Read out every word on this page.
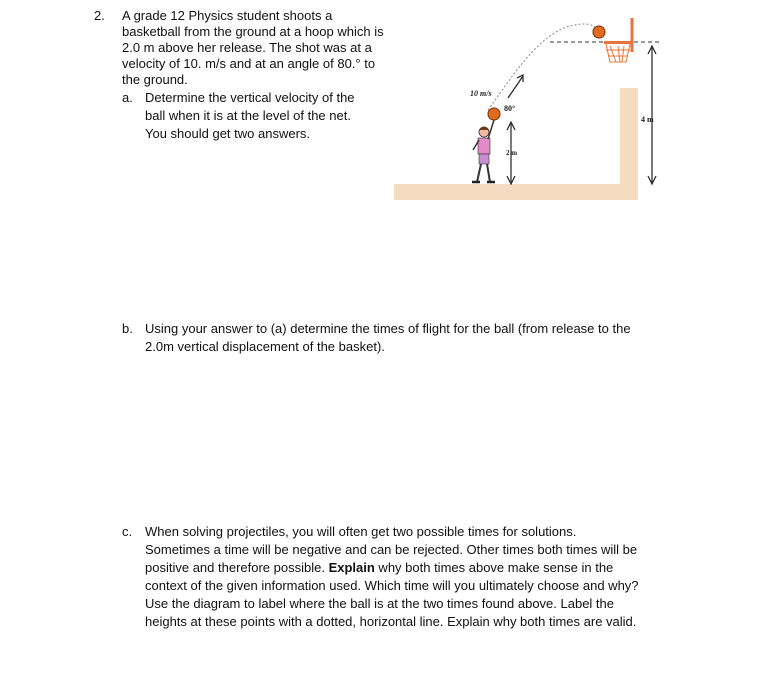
2. A grade 12 Physics student shoots a
basketball from the ground at a hoop which is
2.0 m above her release. The shot was at a
velocity of 10. m/s and at an angle of 80.° to
the ground.
a. Determine the vertical velocity of the
ball when it is at the level of the net.
You should get two answers.
4 m
10 m/s
80°
2 m
b. Using your answer to (a) determine the times of flight for the ball (from release to the
2.0m vertical displacement of the basket).
c. When solving projectiles, you will often get two possible times for solutions.
Sometimes a time will be negative and can be rejected. Other times both times will be
positive and therefore possible. Explain why both times above make sense in the
context of the given information used. Which time will you ultimately choose and why?
Use the diagram to label where the ball is at the two times found above. Label the
heights at these points with a dotted, horizontal line. Explain why both times are valid.
